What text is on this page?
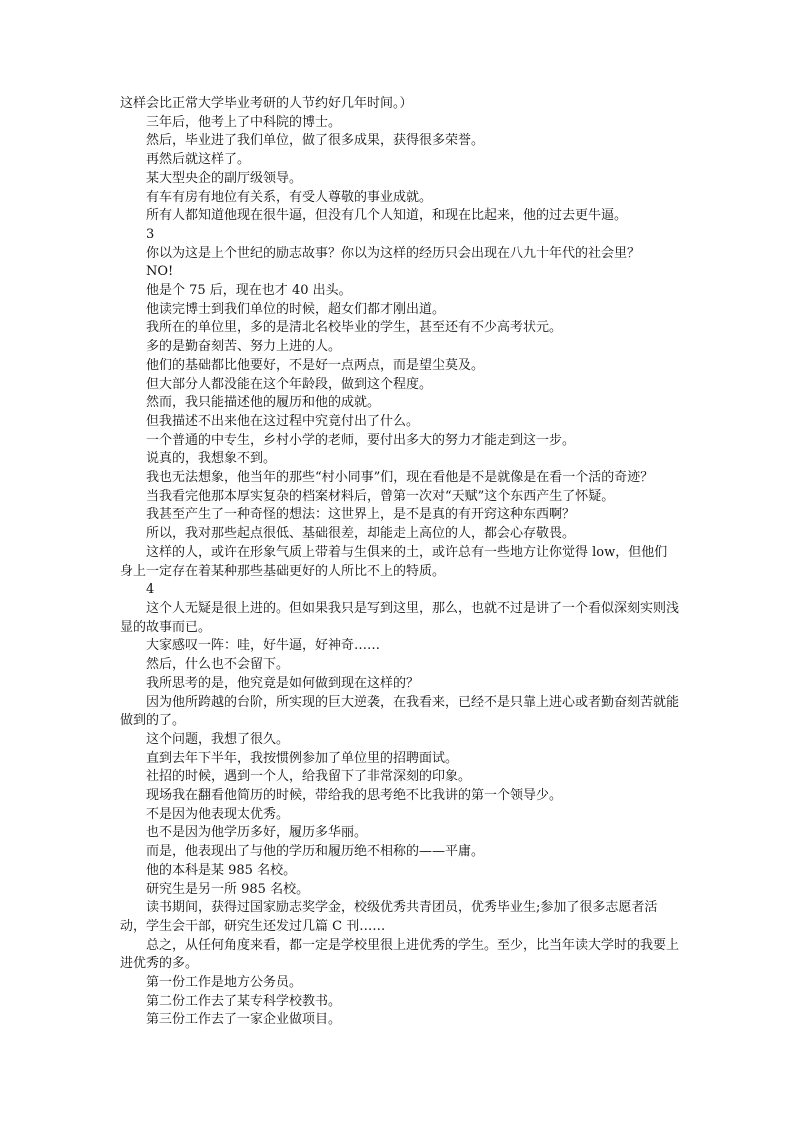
这样会比正常大学毕业考研的人节约好几年时间。）

三年后，他考上了中科院的博士。

然后，毕业进了我们单位，做了很多成果，获得很多荣誉。

再然后就这样了。

某大型央企的副厅级领导。

有车有房有地位有关系，有受人尊敬的事业成就。

所有人都知道他现在很牛逼，但没有几个人知道，和现在比起来，他的过去更牛逼。

3

你以为这是上个世纪的励志故事？你以为这样的经历只会出现在八九十年代的社会里？

NO!

他是个 75 后，现在也才 40 出头。

他读完博士到我们单位的时候，超女们都才刚出道。

我所在的单位里，多的是清北名校毕业的学生，甚至还有不少高考状元。

多的是勤奋刻苦、努力上进的人。

他们的基础都比他要好，不是好一点两点，而是望尘莫及。

但大部分人都没能在这个年龄段，做到这个程度。

然而，我只能描述他的履历和他的成就。

但我描述不出来他在这过程中究竟付出了什么。

一个普通的中专生，乡村小学的老师，要付出多大的努力才能走到这一步。

说真的，我想象不到。

我也无法想象，他当年的那些“村小同事”们，现在看他是不是就像是在看一个活的奇迹？

当我看完他那本厚实复杂的档案材料后，曾第一次对“天赋”这个东西产生了怀疑。

我甚至产生了一种奇怪的想法：这世界上，是不是真的有开窍这种东西啊？

所以，我对那些起点很低、基础很差，却能走上高位的人，都会心存敬畏。

这样的人，或许在形象气质上带着与生俱来的土，或许总有一些地方让你觉得 low，但他们身上一定存在着某种那些基础更好的人所比不上的特质。

4

这个人无疑是很上进的。但如果我只是写到这里，那么，也就不过是讲了一个看似深刻实则浅显的故事而已。

大家感叹一阵：哇，好牛逼，好神奇……

然后，什么也不会留下。

我所思考的是，他究竟是如何做到现在这样的？

因为他所跨越的台阶，所实现的巨大逆袭，在我看来，已经不是只靠上进心或者勤奋刻苦就能做到的了。

这个问题，我想了很久。

直到去年下半年，我按惯例参加了单位里的招聘面试。

社招的时候，遇到一个人，给我留下了非常深刻的印象。

现场我在翻看他简历的时候，带给我的思考绝不比我讲的第一个领导少。

不是因为他表现太优秀。

也不是因为他学历多好，履历多华丽。

而是，他表现出了与他的学历和履历绝不相称的——平庸。

他的本科是某 985 名校。

研究生是另一所 985 名校。

读书期间，获得过国家励志奖学金，校级优秀共青团员，优秀毕业生;参加了很多志愿者活动，学生会干部，研究生还发过几篇 C 刊……

总之，从任何角度来看，都一定是学校里很上进优秀的学生。至少，比当年读大学时的我要上进优秀的多。

第一份工作是地方公务员。

第二份工作去了某专科学校教书。

第三份工作去了一家企业做项目。
